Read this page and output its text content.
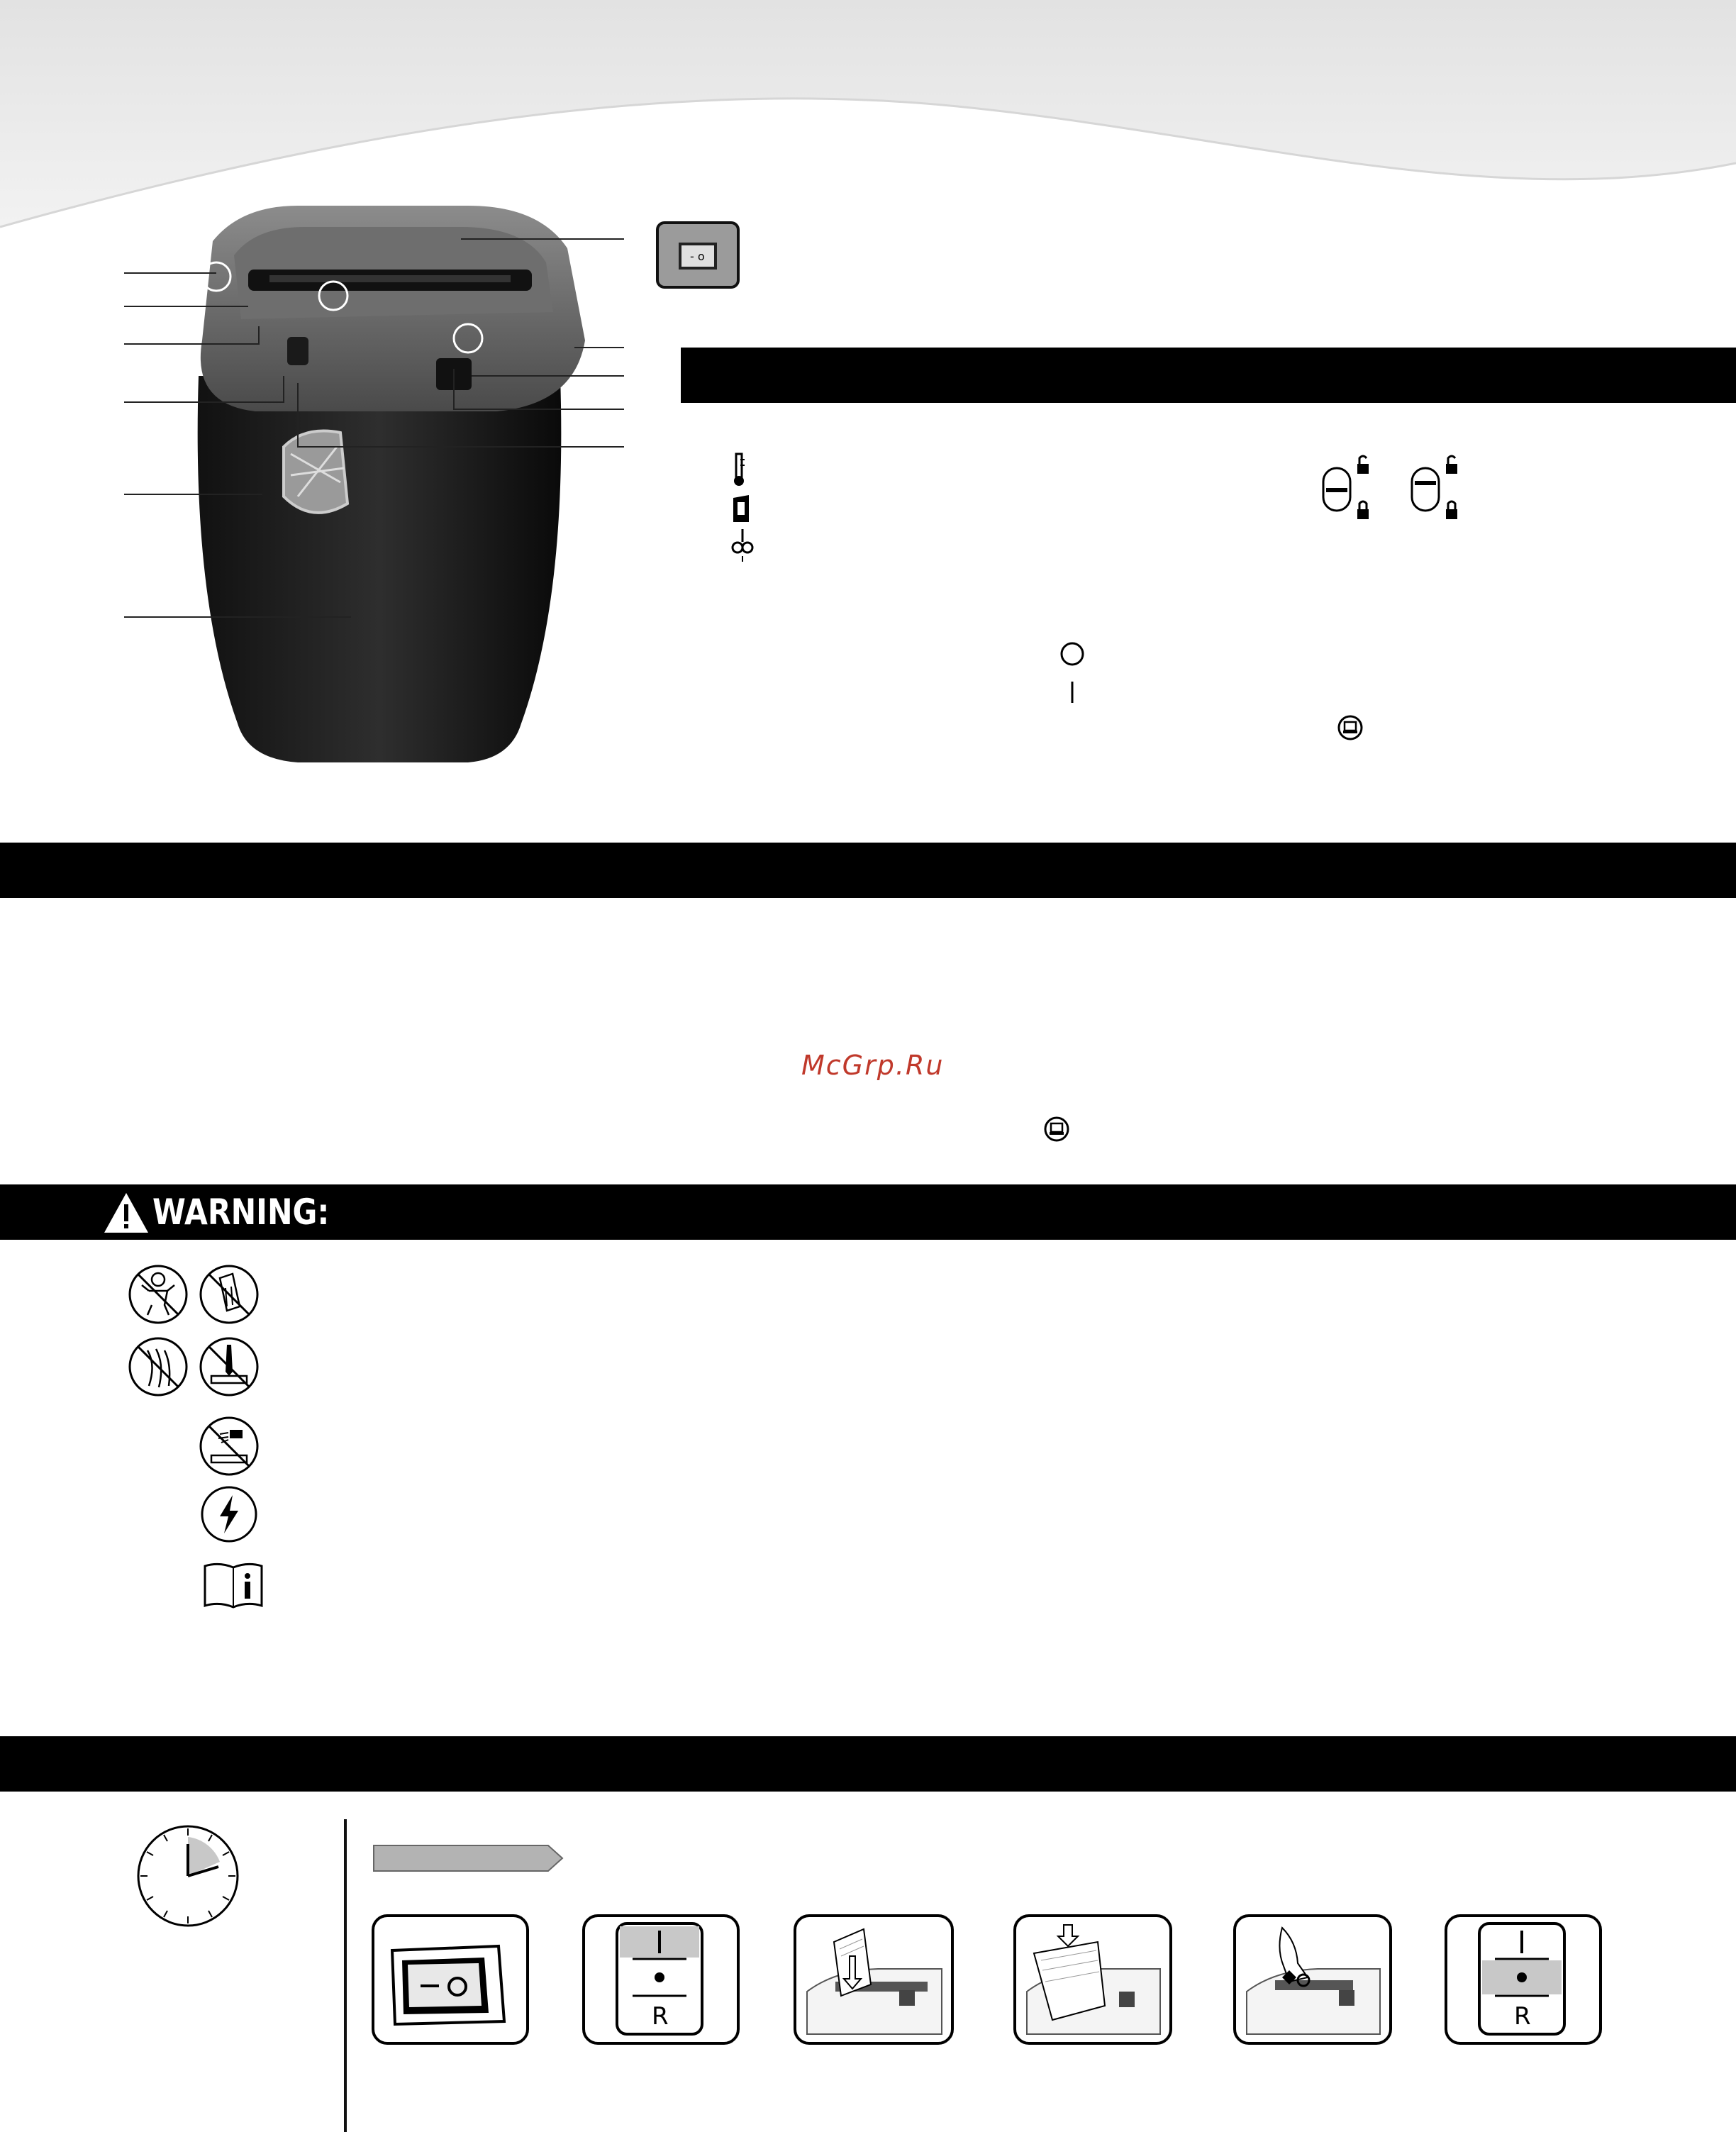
- o
McGrp.Ru
WARNING:
R	R
